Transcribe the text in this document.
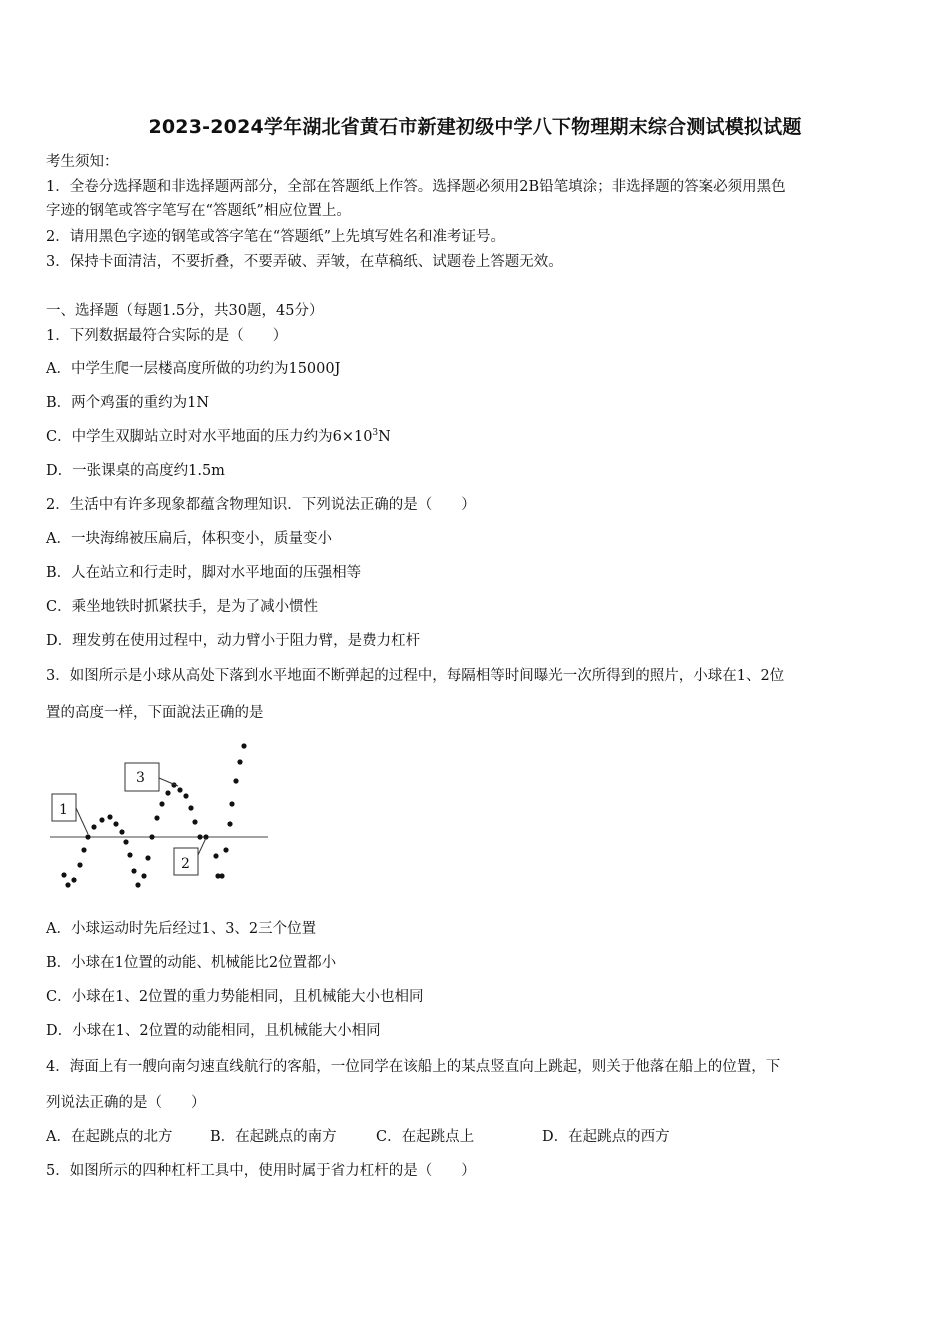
2023-2024学年湖北省黄石市新建初级中学八下物理期末综合测试模拟试题
考生须知：
1．全卷分选择题和非选择题两部分，全部在答题纸上作答。选择题必须用2B铅笔填涂；非选择题的答案必须用黑色
字迹的钢笔或答字笔写在“答题纸”相应位置上。
2．请用黑色字迹的钢笔或答字笔在“答题纸”上先填写姓名和准考证号。
3．保持卡面清洁，不要折叠，不要弄破、弄皱，在草稿纸、试题卷上答题无效。
一、选择题（每题1.5分，共30题，45分）
1．下列数据最符合实际的是（　　）
A．中学生爬一层楼高度所做的功约为15000J
B．两个鸡蛋的重约为1N
C．中学生双脚站立时对水平地面的压力约为$6\times 10^3N$
D．一张课桌的高度约1.5m
2．生活中有许多现象都蕴含物理知识．下列说法正确的是（　　）
A．一块海绵被压扁后，体积变小，质量变小
B．人在站立和行走时，脚对水平地面的压强相等
C．乘坐地铁时抓紧扶手，是为了减小惯性
D．理发剪在使用过程中，动力臂小于阻力臂，是费力杠杆
3．如图所示是小球从高处下落到水平地面不断弹起的过程中，每隔相等时间曝光一次所得到的照片，小球在1、2位
置的高度一样，下面說法正确的是
1
3
2
A．小球运动时先后经过1、3、2三个位置
B．小球在1位置的动能、机械能比2位置都小
C．小球在1、2位置的重力势能相同，且机械能大小也相同
D．小球在1、2位置的动能相同，且机械能大小相同
4．海面上有一艘向南匀速直线航行的客船，一位同学在该船上的某点竖直向上跳起，则关于他落在船上的位置，下
列说法正确的是（　　）
A．在起跳点的北方	B．在起跳点的南方	C．在起跳点上	D．在起跳点的西方
5．如图所示的四种杠杆工具中，使用时属于省力杠杆的是（　　）
